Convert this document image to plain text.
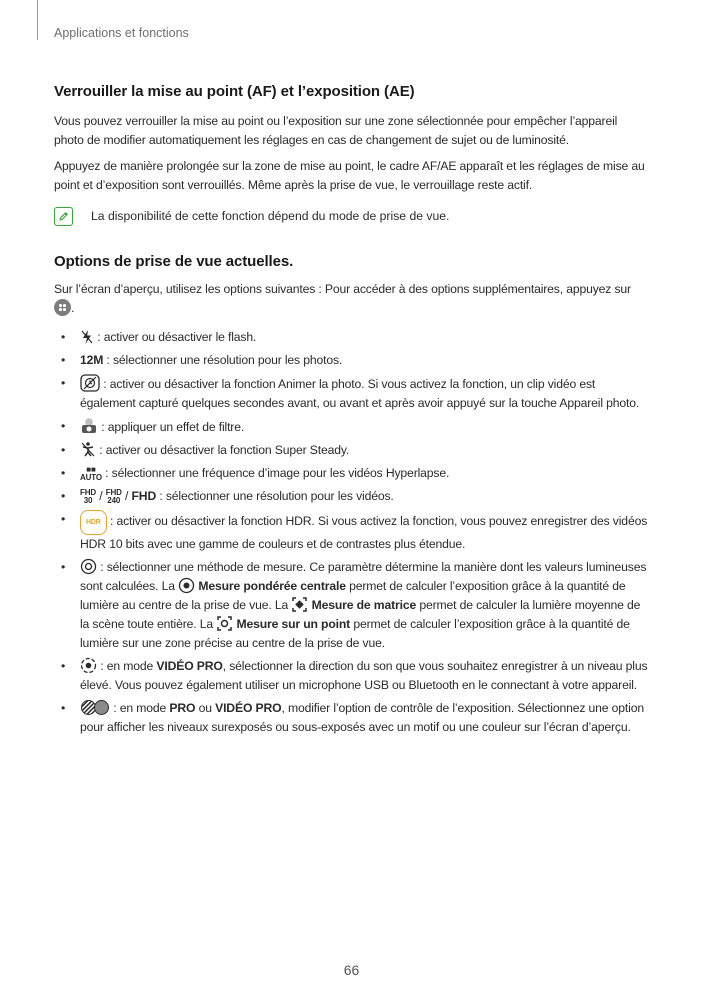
Applications et fonctions
Verrouiller la mise au point (AF) et l’exposition (AE)

Vous pouvez verrouiller la mise au point ou l’exposition sur une zone sélectionnée pour empêcher l’appareil photo de modifier automatiquement les réglages en cas de changement de sujet ou de luminosité.

Appuyez de manière prolongée sur la zone de mise au point, le cadre AF/AE apparaît et les réglages de mise au point et d’exposition sont verrouillés. Même après la prise de vue, le verrouillage reste actif.

La disponibilité de cette fonction dépend du mode de prise de vue.
Options de prise de vue actuelles.

Sur l’écran d’aperçu, utilisez les options suivantes : Pour accéder à des options supplémentaires, appuyez sur

.

• : activer ou désactiver le flash.
• 12M : sélectionner une résolution pour les photos.
• : activer ou désactiver la fonction Animer la photo. Si vous activez la fonction, un clip vidéo est également capturé quelques secondes avant, ou avant et après avoir appuyé sur la touche Appareil photo.
• : appliquer un effet de filtre.
• : activer ou désactiver la fonction Super Steady.
• ■■
AUTO : sélectionner une fréquence d’image pour les vidéos Hyperlapse.
• FHD
30 / FHD
240 / FHD : sélectionner une résolution pour les vidéos.
• HDR : activer ou désactiver la fonction HDR. Si vous activez la fonction, vous pouvez enregistrer des vidéos HDR 10 bits avec une gamme de couleurs et de contrastes plus étendue.
• : sélectionner une méthode de mesure. Ce paramètre détermine la manière dont les valeurs lumineuses sont calculées. La Mesure pondérée centrale permet de calculer l’exposition grâce à la quantité de lumière au centre de la prise de vue. La Mesure de matrice permet de calculer la lumière moyenne de la scène toute entière. La Mesure sur un point permet de calculer l’exposition grâce à la quantité de lumière sur une zone précise au centre de la prise de vue.
• : en mode VIDÉO PRO, sélectionner la direction du son que vous souhaitez enregistrer à un niveau plus élevé. Vous pouvez également utiliser un microphone USB ou Bluetooth en le connectant à votre appareil.
• : en mode PRO ou VIDÉO PRO, modifier l’option de contrôle de l’exposition. Sélectionnez une option pour afficher les niveaux surexposés ou sous-exposés avec un motif ou une couleur sur l’écran d’aperçu.
66
